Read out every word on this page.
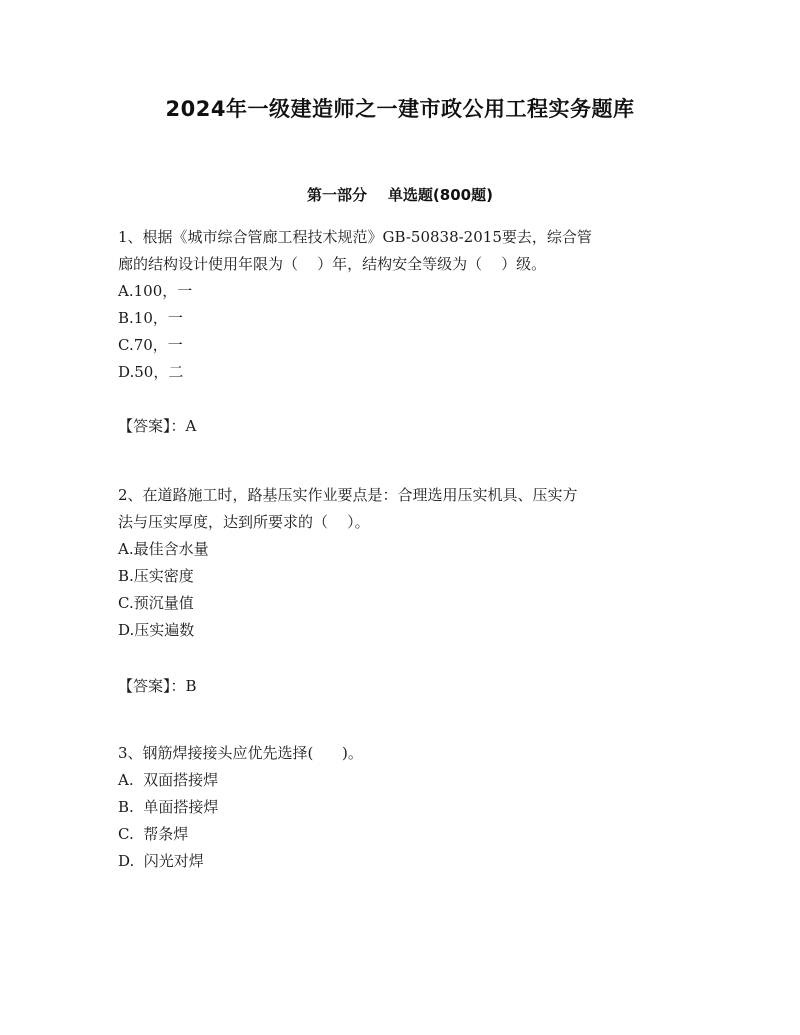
2024年一级建造师之一建市政公用工程实务题库
第一部分    单选题(800题)
1、根据《城市综合管廊工程技术规范》GB-50838-2015要去，综合管
廊的结构设计使用年限为（    ）年，结构安全等级为（    ）级。
A.100，一
B.10，一
C.70，一
D.50，二
【答案】：A
2、在道路施工时，路基压实作业要点是：合理选用压实机具、压实方
法与压实厚度，达到所要求的（    ）。
A.最佳含水量
B.压实密度
C.预沉量值
D.压实遍数
【答案】：B
3、钢筋焊接接头应优先选择(      )。
A.  双面搭接焊
B.  单面搭接焊
C.  帮条焊
D.  闪光对焊
